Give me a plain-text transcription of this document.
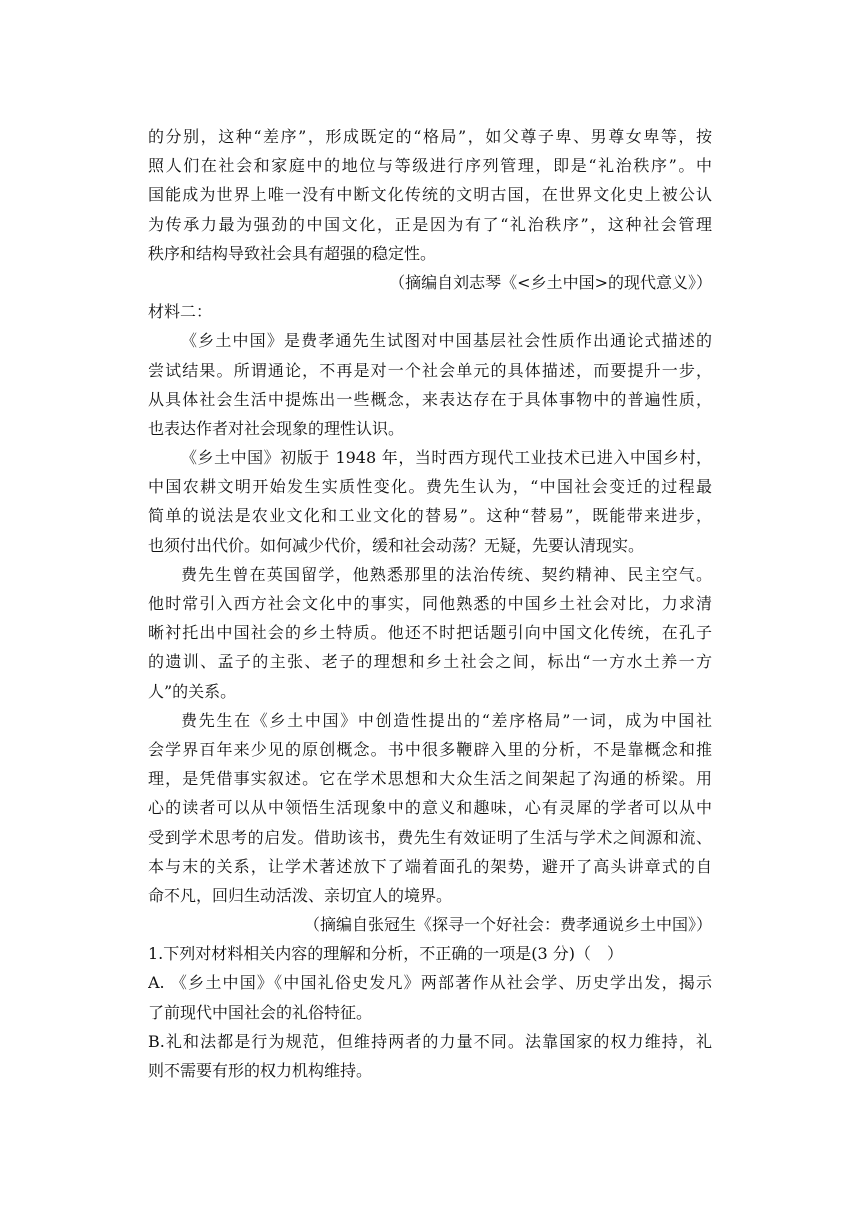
的分别，这种“差序”，形成既定的“格局”，如父尊子卑、男尊女卑等，按
照人们在社会和家庭中的地位与等级进行序列管理，即是“礼治秩序”。中
国能成为世界上唯一没有中断文化传统的文明古国，在世界文化史上被公认
为传承力最为强劲的中国文化，正是因为有了“礼治秩序”，这种社会管理
秩序和结构导致社会具有超强的稳定性。
（摘编自刘志琴《<乡土中国>的现代意义》）
材料二：
《乡土中国》是费孝通先生试图对中国基层社会性质作出通论式描述的
尝试结果。所谓通论，不再是对一个社会单元的具体描述，而要提升一步，
从具体社会生活中提炼出一些概念，来表达存在于具体事物中的普遍性质，
也表达作者对社会现象的理性认识。
《乡土中国》初版于 1948 年，当时西方现代工业技术已进入中国乡村，
中国农耕文明开始发生实质性变化。费先生认为，“中国社会变迁的过程最
简单的说法是农业文化和工业文化的替易”。这种“替易”，既能带来进步，
也须付出代价。如何减少代价，缓和社会动荡？无疑，先要认清现实。
费先生曾在英国留学，他熟悉那里的法治传统、契约精神、民主空气。
他时常引入西方社会文化中的事实，同他熟悉的中国乡土社会对比，力求清
晰衬托出中国社会的乡土特质。他还不时把话题引向中国文化传统，在孔子
的遗训、孟子的主张、老子的理想和乡土社会之间，标出“一方水土养一方
人”的关系。
费先生在《乡土中国》中创造性提出的“差序格局”一词，成为中国社
会学界百年来少见的原创概念。书中很多鞭辟入里的分析，不是靠概念和推
理，是凭借事实叙述。它在学术思想和大众生活之间架起了沟通的桥梁。用
心的读者可以从中领悟生活现象中的意义和趣味，心有灵犀的学者可以从中
受到学术思考的启发。借助该书，费先生有效证明了生活与学术之间源和流、
本与末的关系，让学术著述放下了端着面孔的架势，避开了高头讲章式的自
命不凡，回归生动活泼、亲切宜人的境界。
（摘编自张冠生《探寻一个好社会：费孝通说乡土中国》）
1.下列对材料相关内容的理解和分析，不正确的一项是(3 分)（　）
A. 《乡土中国》《中国礼俗史发凡》两部著作从社会学、历史学出发，揭示
了前现代中国社会的礼俗特征。
B.礼和法都是行为规范，但维持两者的力量不同。法靠国家的权力维持，礼
则不需要有形的权力机构维持。
